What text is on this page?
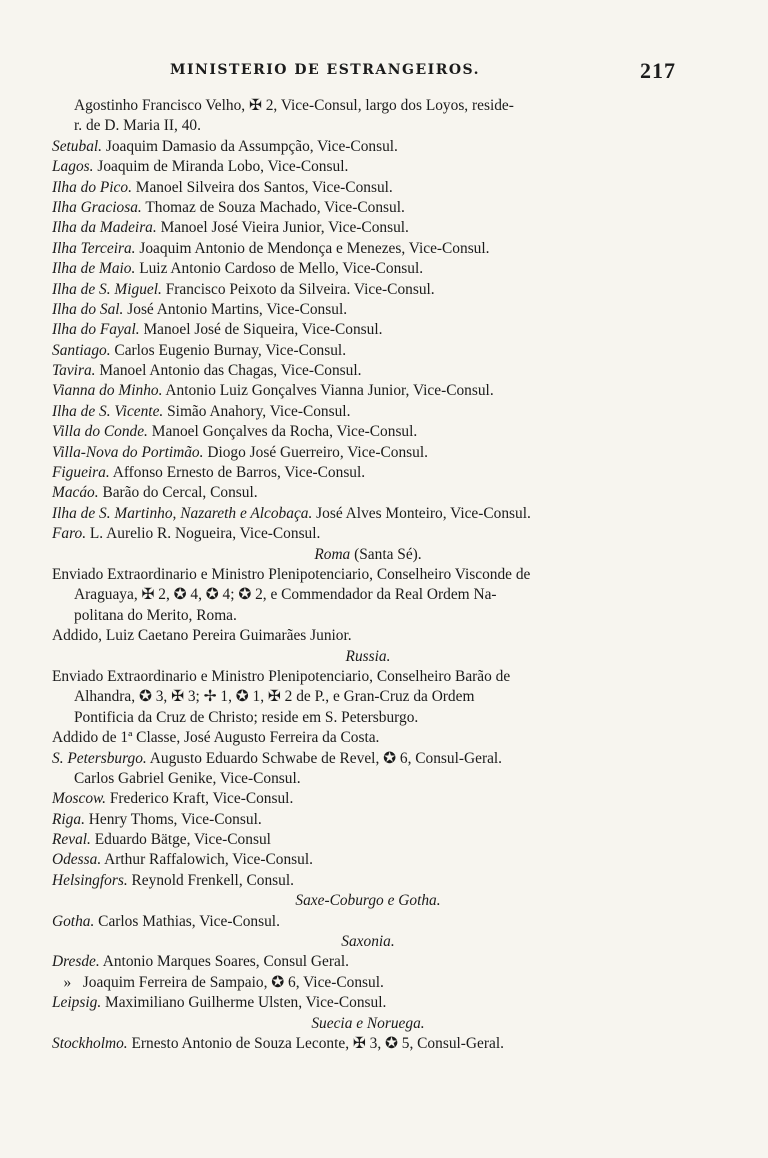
MINISTERIO DE ESTRANGEIROS.	217
Agostinho Francisco Velho, ✠ 2, Vice-Consul, largo dos Loyos, reside-
r. de D. Maria II, 40.
Setubal. Joaquim Damasio da Assumpção, Vice-Consul.
Lagos. Joaquim de Miranda Lobo, Vice-Consul.
Ilha do Pico. Manoel Silveira dos Santos, Vice-Consul.
Ilha Graciosa. Thomaz de Souza Machado, Vice-Consul.
Ilha da Madeira. Manoel José Vieira Junior, Vice-Consul.
Ilha Terceira. Joaquim Antonio de Mendonça e Menezes, Vice-Consul.
Ilha de Maio. Luiz Antonio Cardoso de Mello, Vice-Consul.
Ilha de S. Miguel. Francisco Peixoto da Silveira. Vice-Consul.
Ilha do Sal. José Antonio Martins, Vice-Consul.
Ilha do Fayal. Manoel José de Siqueira, Vice-Consul.
Santiago. Carlos Eugenio Burnay, Vice-Consul.
Tavira. Manoel Antonio das Chagas, Vice-Consul.
Vianna do Minho. Antonio Luiz Gonçalves Vianna Junior, Vice-Consul.
Ilha de S. Vicente. Simão Anahory, Vice-Consul.
Villa do Conde. Manoel Gonçalves da Rocha, Vice-Consul.
Villa-Nova do Portimão. Diogo José Guerreiro, Vice-Consul.
Figueira. Affonso Ernesto de Barros, Vice-Consul.
Macáo. Barão do Cercal, Consul.
Ilha de S. Martinho, Nazareth e Alcobaça. José Alves Monteiro, Vice-Consul.
Faro. L. Aurelio R. Nogueira, Vice-Consul.
Roma (Santa Sé).
Enviado Extraordinario e Ministro Plenipotenciario, Conselheiro Visconde de
Araguaya, ✠ 2, ✪ 4, ✪ 4; ✪ 2, e Commendador da Real Ordem Na-
politana do Merito, Roma.
Addido, Luiz Caetano Pereira Guimarães Junior.
Russia.
Enviado Extraordinario e Ministro Plenipotenciario, Conselheiro Barão de
Alhandra, ✪ 3, ✠ 3; ✢ 1, ✪ 1, ✠ 2 de P., e Gran-Cruz da Ordem
Pontificia da Cruz de Christo; reside em S. Petersburgo.
Addido de 1ª Classe, José Augusto Ferreira da Costa.
S. Petersburgo. Augusto Eduardo Schwabe de Revel, ✪ 6, Consul-Geral.
Carlos Gabriel Genike, Vice-Consul.
Moscow. Frederico Kraft, Vice-Consul.
Riga. Henry Thoms, Vice-Consul.
Reval. Eduardo Bätge, Vice-Consul
Odessa. Arthur Raffalowich, Vice-Consul.
Helsingfors. Reynold Frenkell, Consul.
Saxe-Coburgo e Gotha.
Gotha. Carlos Mathias, Vice-Consul.
Saxonia.
Dresde. Antonio Marques Soares, Consul Geral.
»   Joaquim Ferreira de Sampaio, ✪ 6, Vice-Consul.
Leipsig. Maximiliano Guilherme Ulsten, Vice-Consul.
Suecia e Noruega.
Stockholmo. Ernesto Antonio de Souza Leconte, ✠ 3, ✪ 5, Consul-Geral.
